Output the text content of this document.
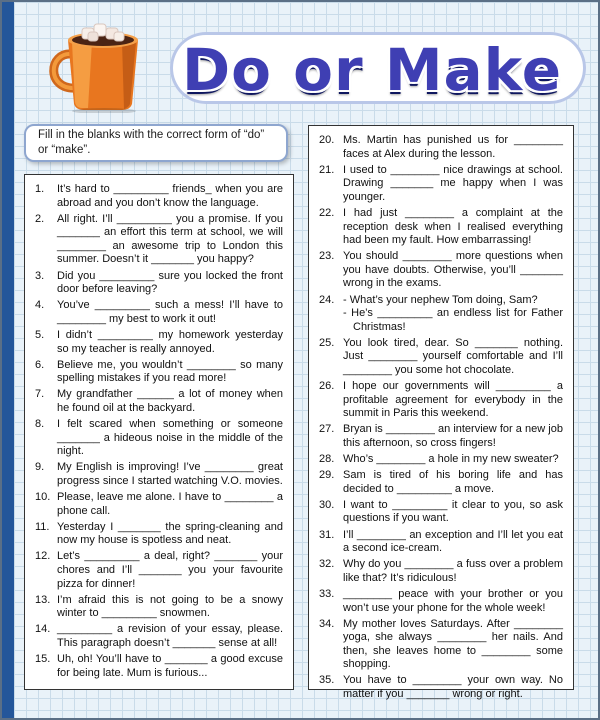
Do or Make
Fill in the blanks with the correct form of “do” or “make”.
1.	It’s hard to _________ friends_ when you are abroad and you don’t know the language.
2.	All right. I’ll _________ you a promise. If you _______ an effort this term at school, we will ________ an awesome trip to London this summer. Doesn’t it _______ you happy?
3.	Did you _________ sure you locked the front door before leaving?
4.	You’ve _________ such a mess! I’ll have to ________ my best to work it out!
5.	I didn’t _________ my homework yesterday so my teacher is really annoyed.
6.	Believe me, you wouldn’t ________ so many spelling mistakes if you read more!
7.	My grandfather ______ a lot of money when he found oil at the backyard.
8.	I felt scared when something or someone _______ a hideous noise in the middle of the night.
9.	My English is improving! I’ve ________ great progress since I started watching V.O. movies.
10. Please, leave me alone. I have to ________ a phone call.
11. Yesterday I _______ the spring-cleaning and now my house is spotless and neat.
12. Let’s _________ a deal, right? _______ your chores and I’ll _______ you your favourite pizza for dinner!
13. I’m afraid this is not going to be a snowy winter to _________ snowmen.
14. _________ a revision of your essay, please. This paragraph doesn’t _______ sense at all!
15. Uh, oh! You’ll have to _______ a good excuse for being late. Mum is furious...
20. Ms. Martin has punished us for ________ faces at Alex during the lesson.
21. I used to ________ nice drawings at school. Drawing _______ me happy when I was younger.
22. I had just ________ a complaint at the reception desk when I realised everything had been my fault. How embarrassing!
23. You should ________ more questions when you have doubts. Otherwise, you’ll _______ wrong in the exams.
24. - What’s your nephew Tom doing, Sam?
- He’s _________ an endless list for Father Christmas!
25. You look tired, dear. So _______ nothing. Just ________ yourself comfortable and I’ll ________ you some hot chocolate.
26. I hope our governments will _________ a profitable agreement for everybody in the summit in Paris this weekend.
27. Bryan is ________ an interview for a new job this afternoon, so cross fingers!
28. Who’s ________ a hole in my new sweater?
29. Sam is tired of his boring life and has decided to _________ a move.
30. I want to _________ it clear to you, so ask questions if you want.
31. I’ll ________ an exception and I’ll let you eat a second ice-cream.
32. Why do you ________ a fuss over a problem like that? It’s ridiculous!
33. ________ peace with your brother or you won’t use your phone for the whole week!
34. My mother loves Saturdays. After ________ yoga, she always ________ her nails. And then, she leaves home to ________ some shopping.
35. You have to ________ your own way. No matter if you _______ wrong or right.
